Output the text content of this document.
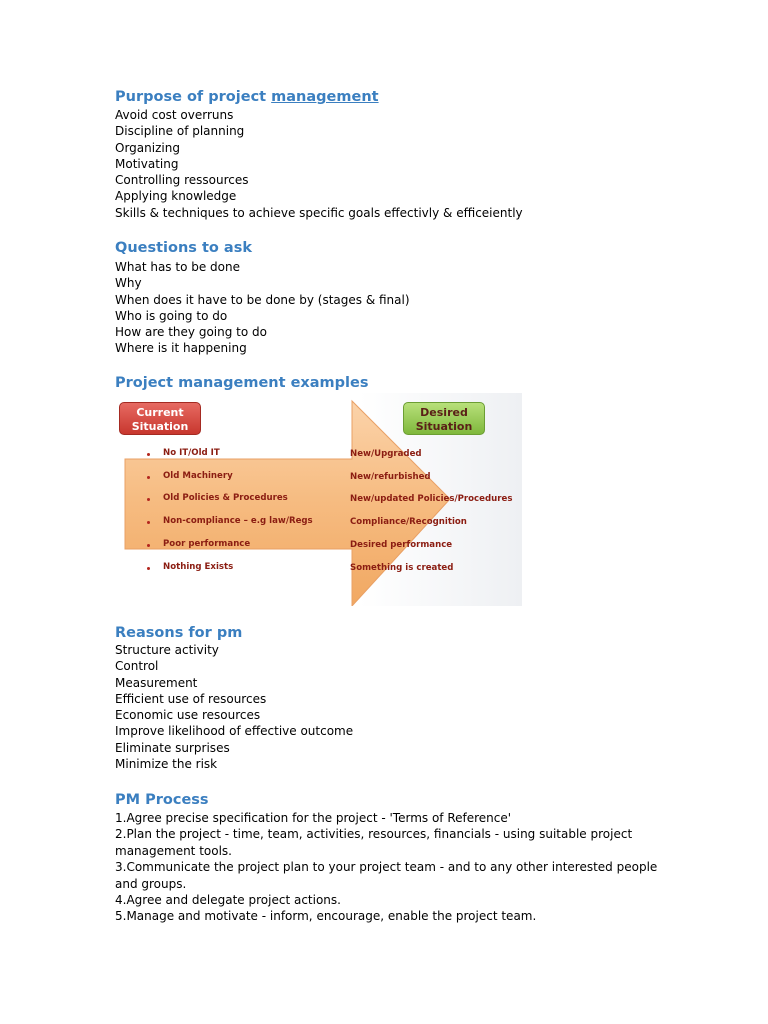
Purpose of project management
Avoid cost overruns
Discipline of planning
Organizing
Motivating
Controlling ressources
Applying knowledge
Skills & techniques to achieve specific goals effectivly & efficeiently
Questions to ask
What has to be done
Why
When does it have to be done by (stages & final)
Who is going to do
How are they going to do
Where is it happening
Project management examples
Current
Situation
Desired
Situation
No IT/Old IT	New/Upgraded
Old Machinery	New/refurbished
Old Policies & Procedures	New/updated Policies/Procedures
Non-compliance – e.g law/Regs	Compliance/Recognition
Poor performance	Desired performance
Nothing Exists	Something is created
Reasons for pm
Structure activity
Control
Measurement
Efficient use of resources
Economic use resources
Improve likelihood of effective outcome
Eliminate surprises
Minimize the risk
PM Process

1.Agree precise specification for the project - 'Terms of Reference'

2.Plan the project - time, team, activities, resources, financials - using suitable project management tools.

3.Communicate the project plan to your project team - and to any other interested people and groups.

4.Agree and delegate project actions.

5.Manage and motivate - inform, encourage, enable the project team.
